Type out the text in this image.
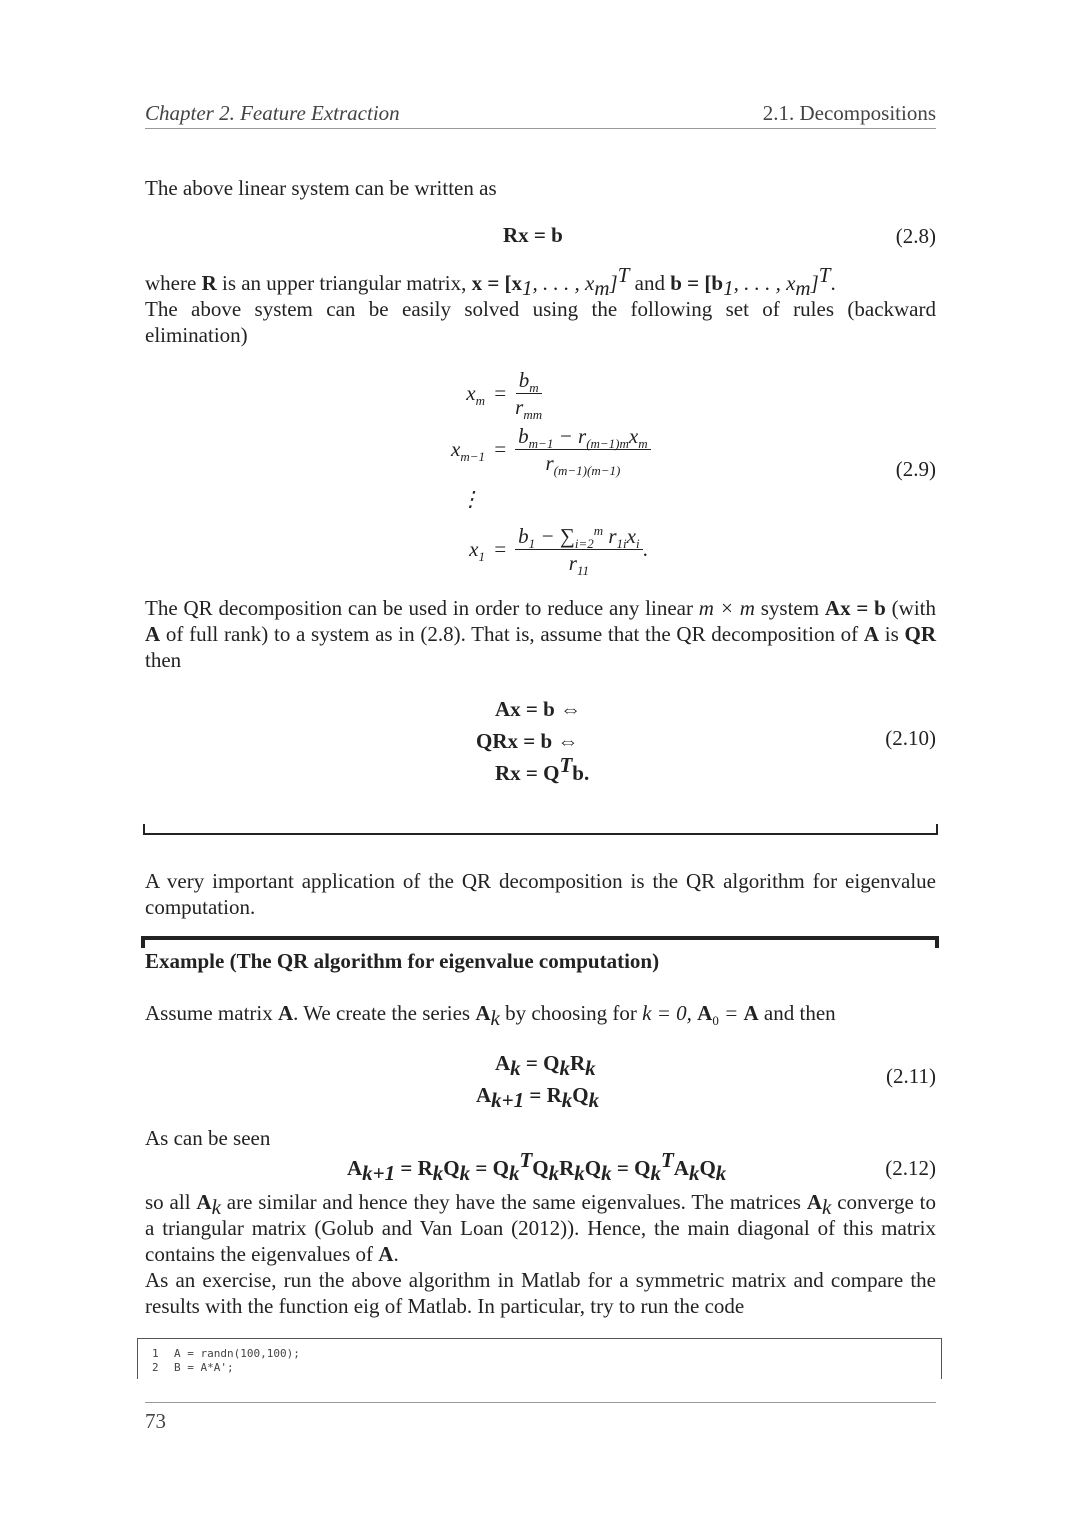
Chapter 2. Feature Extraction	2.1. Decompositions
The above linear system can be written as
Rx = b	(2.8)
where R is an upper triangular matrix, $x = [x_1$, . . . , $x_m]^T$ and $b = [b_1$, . . . , $x_m]^T$.
The above system can be easily solved using the following set of rules (backward elimination)
$x_m = \frac{b_m}{r_{mm}}$
$x_{m-1} = \frac{b_{m-1} - r_{(m-1)m}x_m}{r_{(m-1)(m-1)}}$
⋮
$x_1 = \frac{b_1 - \sum_{i=2}^m r_{1i}x_i}{r_{11}}$ .
(2.9)
The QR decomposition can be used in order to reduce any linear m × m system Ax = b (with A of full rank) to a system as in (2.8). That is, assume that the QR decomposition of A is QR then
Ax = b ⇔
QRx = b ⇔
$Rx = Q^Tb$.
(2.10)
A very important application of the QR decomposition is the QR algorithm for eigenvalue computation.
Example (The QR algorithm for eigenvalue computation)
Assume matrix A. We create the series $A_k$ by choosing for k = 0, $A_0 = A$ and then
$A_k = Q_kR_k$
$A_{k+1} = R_kQ_k$
(2.11)
As can be seen
$A_{k+1} = R_kQ_k = Q_k^TQ_kR_kQ_k = Q_k^TA_kQ_k$	(2.12)
so all $A_k$ are similar and hence they have the same eigenvalues. The matrices $A_k$ converge to a triangular matrix (Golub and Van Loan (2012)). Hence, the main diagonal of this matrix contains the eigenvalues of A.
As an exercise, run the above algorithm in Matlab for a symmetric matrix and compare the results with the function eig of Matlab. In particular, try to run the code
1 A = randn(100,100);
2 B = A*A';
73
